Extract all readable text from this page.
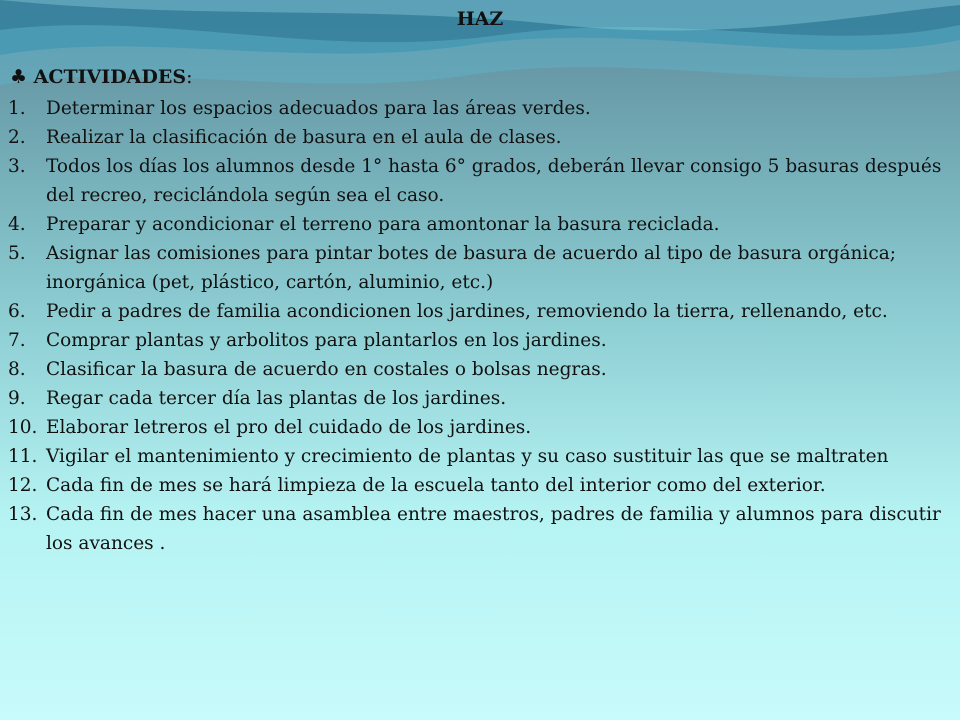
HAZ
♣ ACTIVIDADES:
1.	Determinar los espacios adecuados para las áreas verdes.
2.	Realizar la clasificación de basura en el aula de clases.
3.	Todos los días los alumnos desde 1° hasta 6° grados, deberán llevar consigo 5 basuras después del recreo, reciclándola según sea el caso.
4.	Preparar y acondicionar el terreno para amontonar la basura reciclada.
5.	Asignar las comisiones para pintar botes de basura de acuerdo al tipo de basura orgánica; inorgánica (pet, plástico, cartón, aluminio, etc.)
6.	Pedir a padres de familia acondicionen los jardines, removiendo la tierra, rellenando, etc.
7.	Comprar plantas y arbolitos para plantarlos en los jardines.
8.	Clasificar la basura de acuerdo en costales o bolsas negras.
9.	Regar cada tercer día las plantas de los jardines.
10. Elaborar letreros el pro del cuidado de los jardines.
11. Vigilar el mantenimiento y crecimiento de plantas y su caso sustituir las que se maltraten
12. Cada fin de mes se hará limpieza de la escuela tanto del interior como del exterior.
13. Cada fin de mes hacer una asamblea entre maestros, padres de familia y alumnos para discutir los avances .
